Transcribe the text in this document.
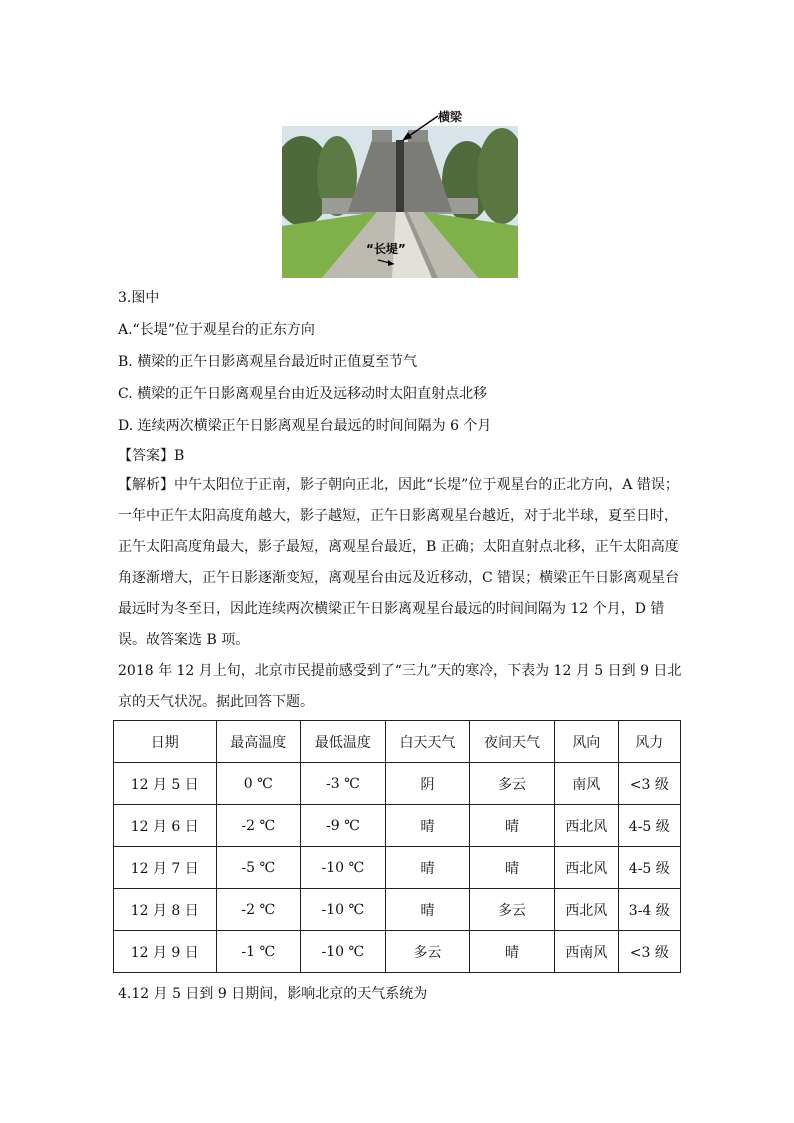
横梁
“长堤”
3.图中
A.“长堤”位于观星台的正东方向
B. 横梁的正午日影离观星台最近时正值夏至节气
C. 横梁的正午日影离观星台由近及远移动时太阳直射点北移
D. 连续两次横梁正午日影离观星台最远的时间间隔为 6 个月
【答案】B
【解析】中午太阳位于正南，影子朝向正北，因此“长堤”位于观星台的正北方向，A 错误；一年中正午太阳高度角越大，影子越短，正午日影离观星台越近，对于北半球，夏至日时，正午太阳高度角最大，影子最短，离观星台最近，B 正确；太阳直射点北移，正午太阳高度角逐渐增大，正午日影逐渐变短，离观星台由远及近移动，C 错误；横梁正午日影离观星台最远时为冬至日，因此连续两次横梁正午日影离观星台最远的时间间隔为 12 个月，D 错误。故答案选 B 项。
2018 年 12 月上旬，北京市民提前感受到了“三九”天的寒冷，下表为 12 月 5 日到 9 日北京的天气状况。据此回答下题。
日期	最高温度	最低温度	白天天气	夜间天气	风向	风力
12 月 5 日	0 ℃	-3 ℃	阴	多云	南风	<3 级
12 月 6 日	-2 ℃	-9 ℃	晴	晴	西北风	4-5 级
12 月 7 日	-5 ℃	-10 ℃	晴	晴	西北风	4-5 级
12 月 8 日	-2 ℃	-10 ℃	晴	多云	西北风	3-4 级
12 月 9 日	-1 ℃	-10 ℃	多云	晴	西南风	<3 级
4.12 月 5 日到 9 日期间，影响北京的天气系统为
